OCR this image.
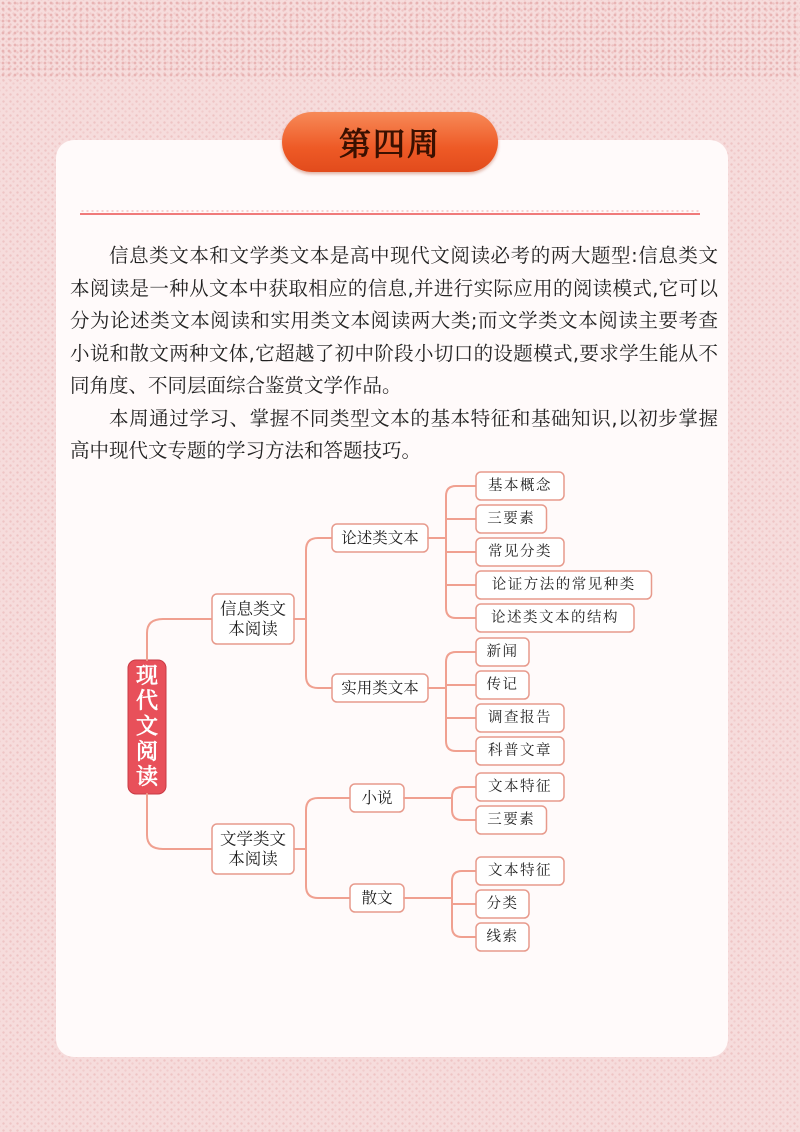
第四周

信息类文本和文学类文本是高中现代文阅读必考的两大题型:信息类文本阅读是一种从文本中获取相应的信息,并进行实际应用的阅读模式,它可以分为论述类文本阅读和实用类文本阅读两大类;而文学类文本阅读主要考查小说和散文两种文体,它超越了初中阶段小切口的设题模式,要求学生能从不同角度、不同层面综合鉴赏文学作品。

本周通过学习、掌握不同类型文本的基本特征和基础知识,以初步掌握高中现代文专题的学习方法和答题技巧。

现
代
文
阅
读
信息类文
本阅读
论述类文本
基本概念
三要素
常见分类
论证方法的常见种类
论述类文本的结构
实用类文本
新闻
传记
调查报告
科普文章
文学类文
本阅读
小说
文本特征
三要素
散文
文本特征
分类
线索
